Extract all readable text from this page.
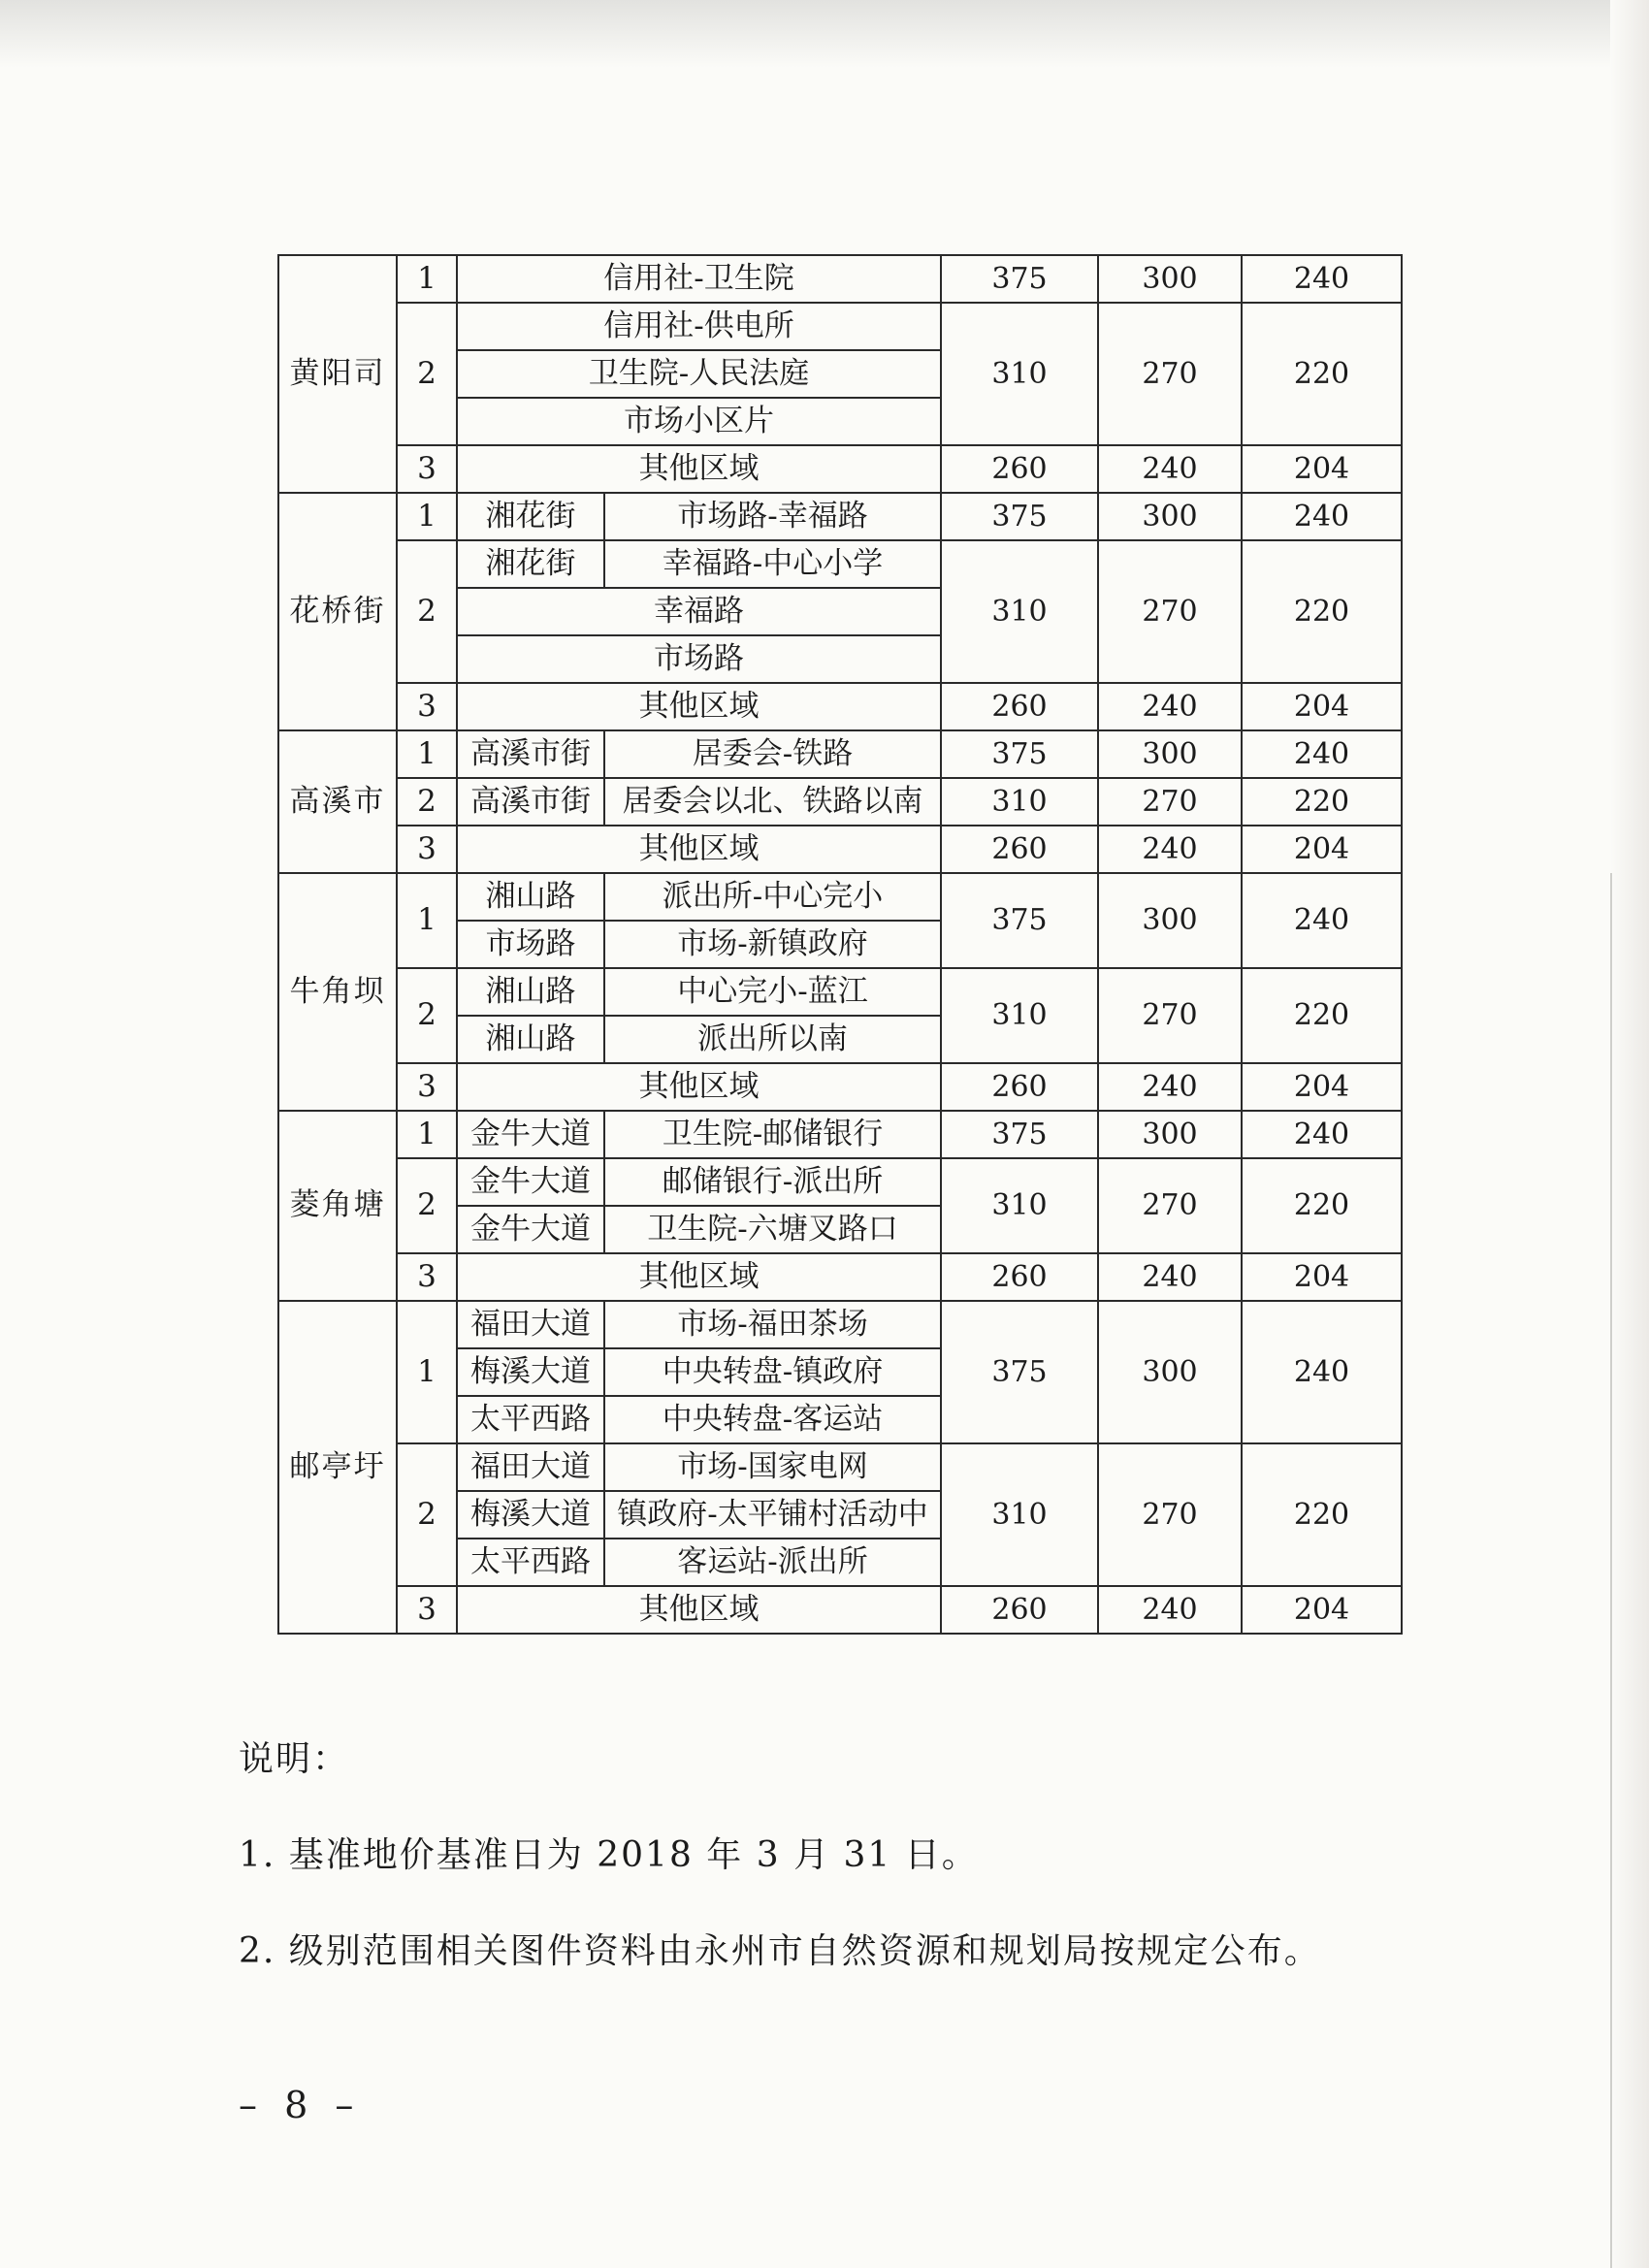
黄阳司	1	信用社-卫生院		375	300	240
	2	信用社-供电所		310	270	220
		卫生院-人民法庭				
		市场小区片				
	3	其他区域		260	240	204
花桥街	1	湘花街	市场路-幸福路	375	300	240
	2	湘花街	幸福路-中心小学	310	270	220
		幸福路				
		市场路				
	3	其他区域		260	240	204
高溪市	1	高溪市街	居委会-铁路	375	300	240
	2	高溪市街	居委会以北、铁路以南	310	270	220
	3	其他区域		260	240	204
牛角坝	1	湘山路	派出所-中心完小	375	300	240
		市场路	市场-新镇政府			
	2	湘山路	中心完小-蓝江	310	270	220
		湘山路	派出所以南			
	3	其他区域		260	240	204
菱角塘	1	金牛大道	卫生院-邮储银行	375	300	240
	2	金牛大道	邮储银行-派出所	310	270	220
		金牛大道	卫生院-六塘叉路口			
	3	其他区域		260	240	204
邮亭圩	1	福田大道	市场-福田茶场	375	300	240
		梅溪大道	中央转盘-镇政府			
		太平西路	中央转盘-客运站			
	2	福田大道	市场-国家电网	310	270	220
		梅溪大道	镇政府-太平铺村活动中			
		太平西路	客运站-派出所			
	3	其他区域		260	240	204
说明：
1. 基准地价基准日为 2018 年 3 月 31 日。
2. 级别范围相关图件资料由永州市自然资源和规划局按规定公布。
– 8 –
